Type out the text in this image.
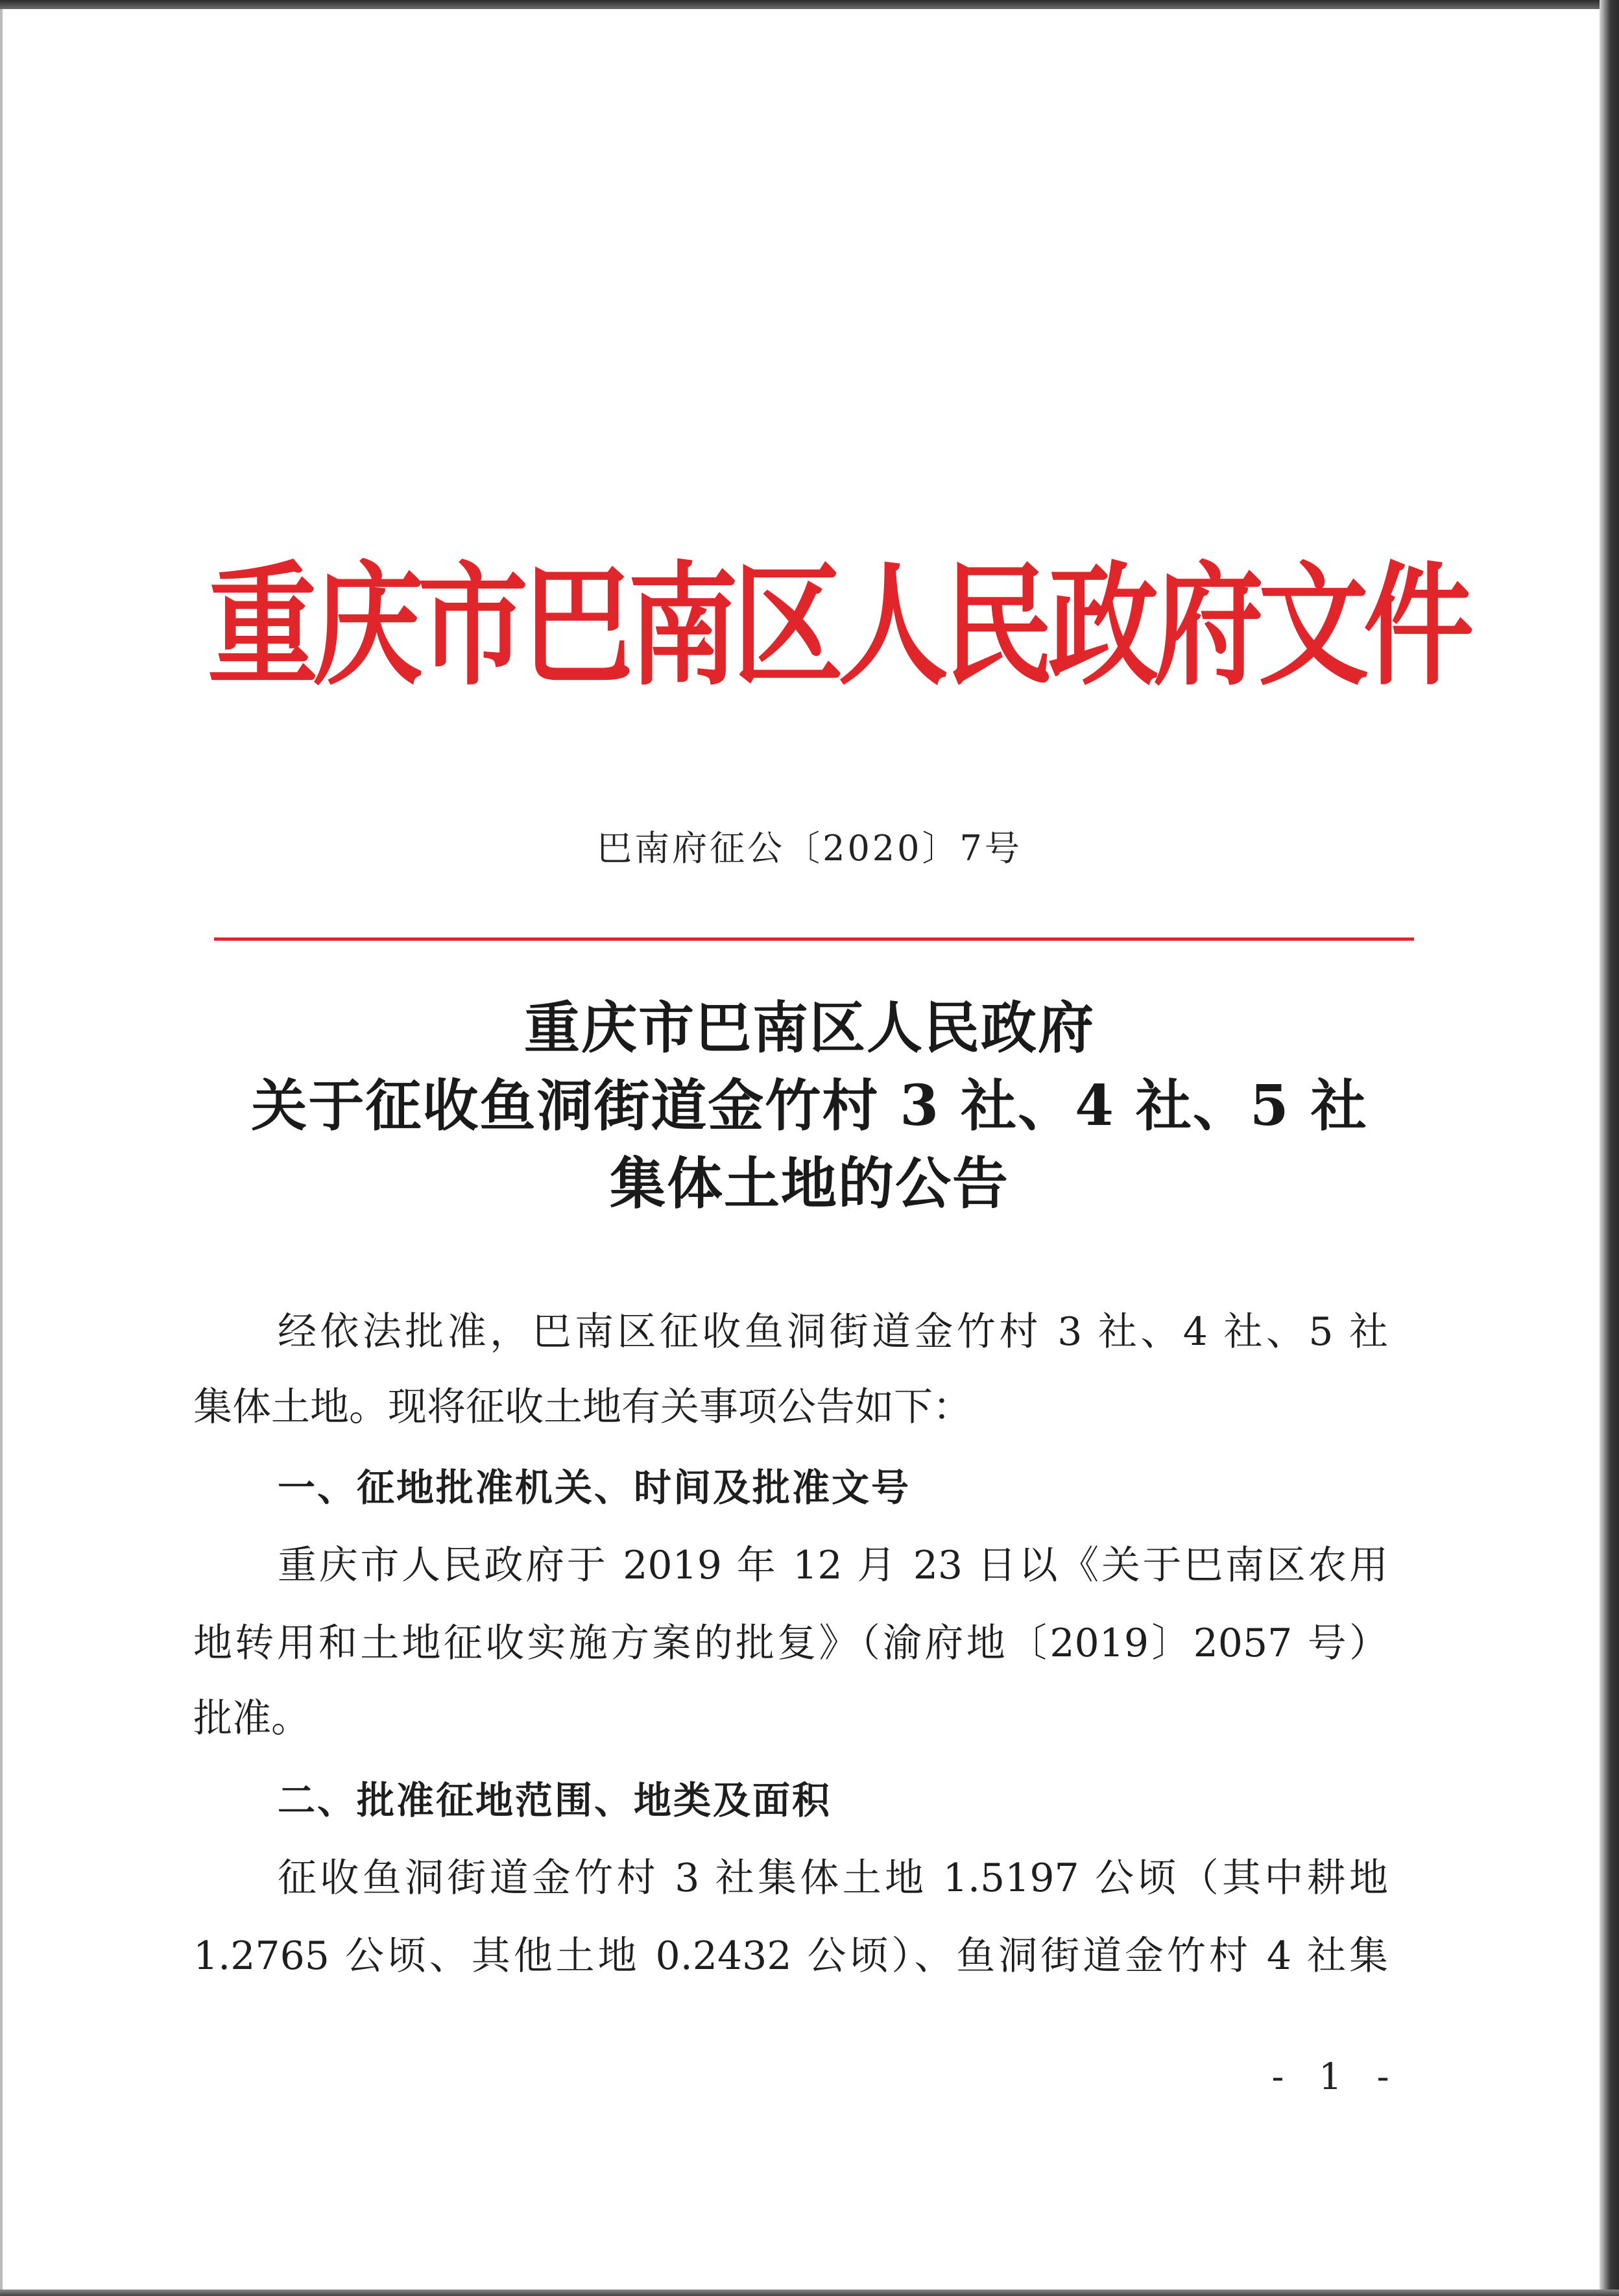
重庆市巴南区人民政府文件
巴南府征公〔2020〕7号
重庆市巴南区人民政府
关于征收鱼洞街道金竹村 3 社、4 社、5 社
集体土地的公告
经依法批准，巴南区征收鱼洞街道金竹村 3 社、4 社、5 社
集体土地。现将征收土地有关事项公告如下：
一、征地批准机关、时间及批准文号
重庆市人民政府于 2019 年 12 月 23 日以《关于巴南区农用
地转用和土地征收实施方案的批复》（渝府地〔2019〕2057 号）
批准。
二、批准征地范围、地类及面积
征收鱼洞街道金竹村 3 社集体土地 1.5197 公顷（其中耕地
1.2765 公顷、其他土地 0.2432 公顷）、鱼洞街道金竹村 4 社集
- 1 -
